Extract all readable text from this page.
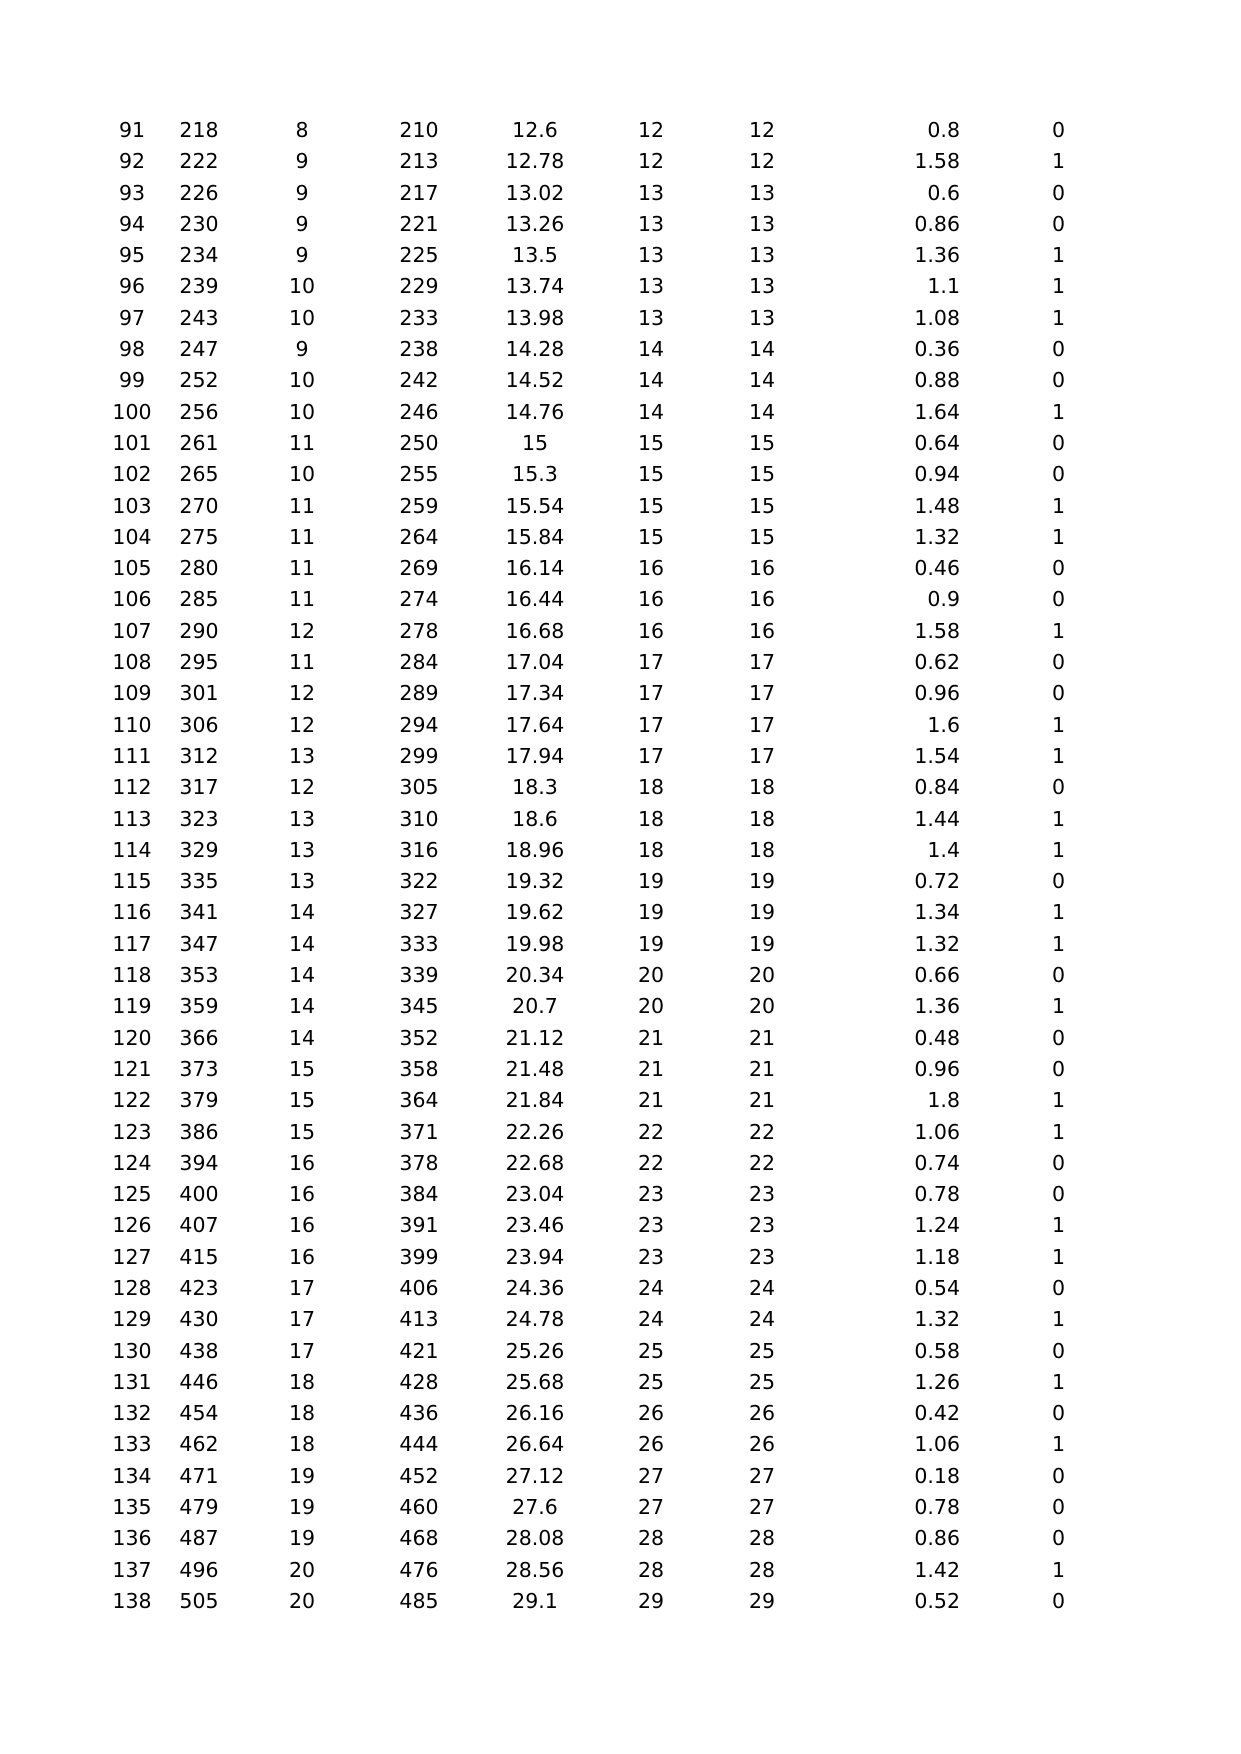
91 218	8	210	12.6	12	12	0.8	0
92 222	9	213	12.78	12	12	1.58	1
93 226	9	217	13.02	13	13	0.6	0
94 230	9	221	13.26	13	13	0.86	0
95 234	9	225	13.5	13	13	1.36	1
96 239	10	229	13.74	13	13	1.1	1
97 243	10	233	13.98	13	13	1.08	1
98 247	9	238	14.28	14	14	0.36	0
99 252	10	242	14.52	14	14	0.88	0
100 256	10	246	14.76	14	14	1.64	1
101 261	11	250	15	15	15	0.64	0
102 265	10	255	15.3	15	15	0.94	0
103 270	11	259	15.54	15	15	1.48	1
104 275	11	264	15.84	15	15	1.32	1
105 280	11	269	16.14	16	16	0.46	0
106 285	11	274	16.44	16	16	0.9	0
107 290	12	278	16.68	16	16	1.58	1
108 295	11	284	17.04	17	17	0.62	0
109 301	12	289	17.34	17	17	0.96	0
110 306	12	294	17.64	17	17	1.6	1
111 312	13	299	17.94	17	17	1.54	1
112 317	12	305	18.3	18	18	0.84	0
113 323	13	310	18.6	18	18	1.44	1
114 329	13	316	18.96	18	18	1.4	1
115 335	13	322	19.32	19	19	0.72	0
116 341	14	327	19.62	19	19	1.34	1
117 347	14	333	19.98	19	19	1.32	1
118 353	14	339	20.34	20	20	0.66	0
119 359	14	345	20.7	20	20	1.36	1
120 366	14	352	21.12	21	21	0.48	0
121 373	15	358	21.48	21	21	0.96	0
122 379	15	364	21.84	21	21	1.8	1
123 386	15	371	22.26	22	22	1.06	1
124 394	16	378	22.68	22	22	0.74	0
125 400	16	384	23.04	23	23	0.78	0
126 407	16	391	23.46	23	23	1.24	1
127 415	16	399	23.94	23	23	1.18	1
128 423	17	406	24.36	24	24	0.54	0
129 430	17	413	24.78	24	24	1.32	1
130 438	17	421	25.26	25	25	0.58	0
131 446	18	428	25.68	25	25	1.26	1
132 454	18	436	26.16	26	26	0.42	0
133 462	18	444	26.64	26	26	1.06	1
134 471	19	452	27.12	27	27	0.18	0
135 479	19	460	27.6	27	27	0.78	0
136 487	19	468	28.08	28	28	0.86	0
137 496	20	476	28.56	28	28	1.42	1
138 505	20	485	29.1	29	29	0.52	0
